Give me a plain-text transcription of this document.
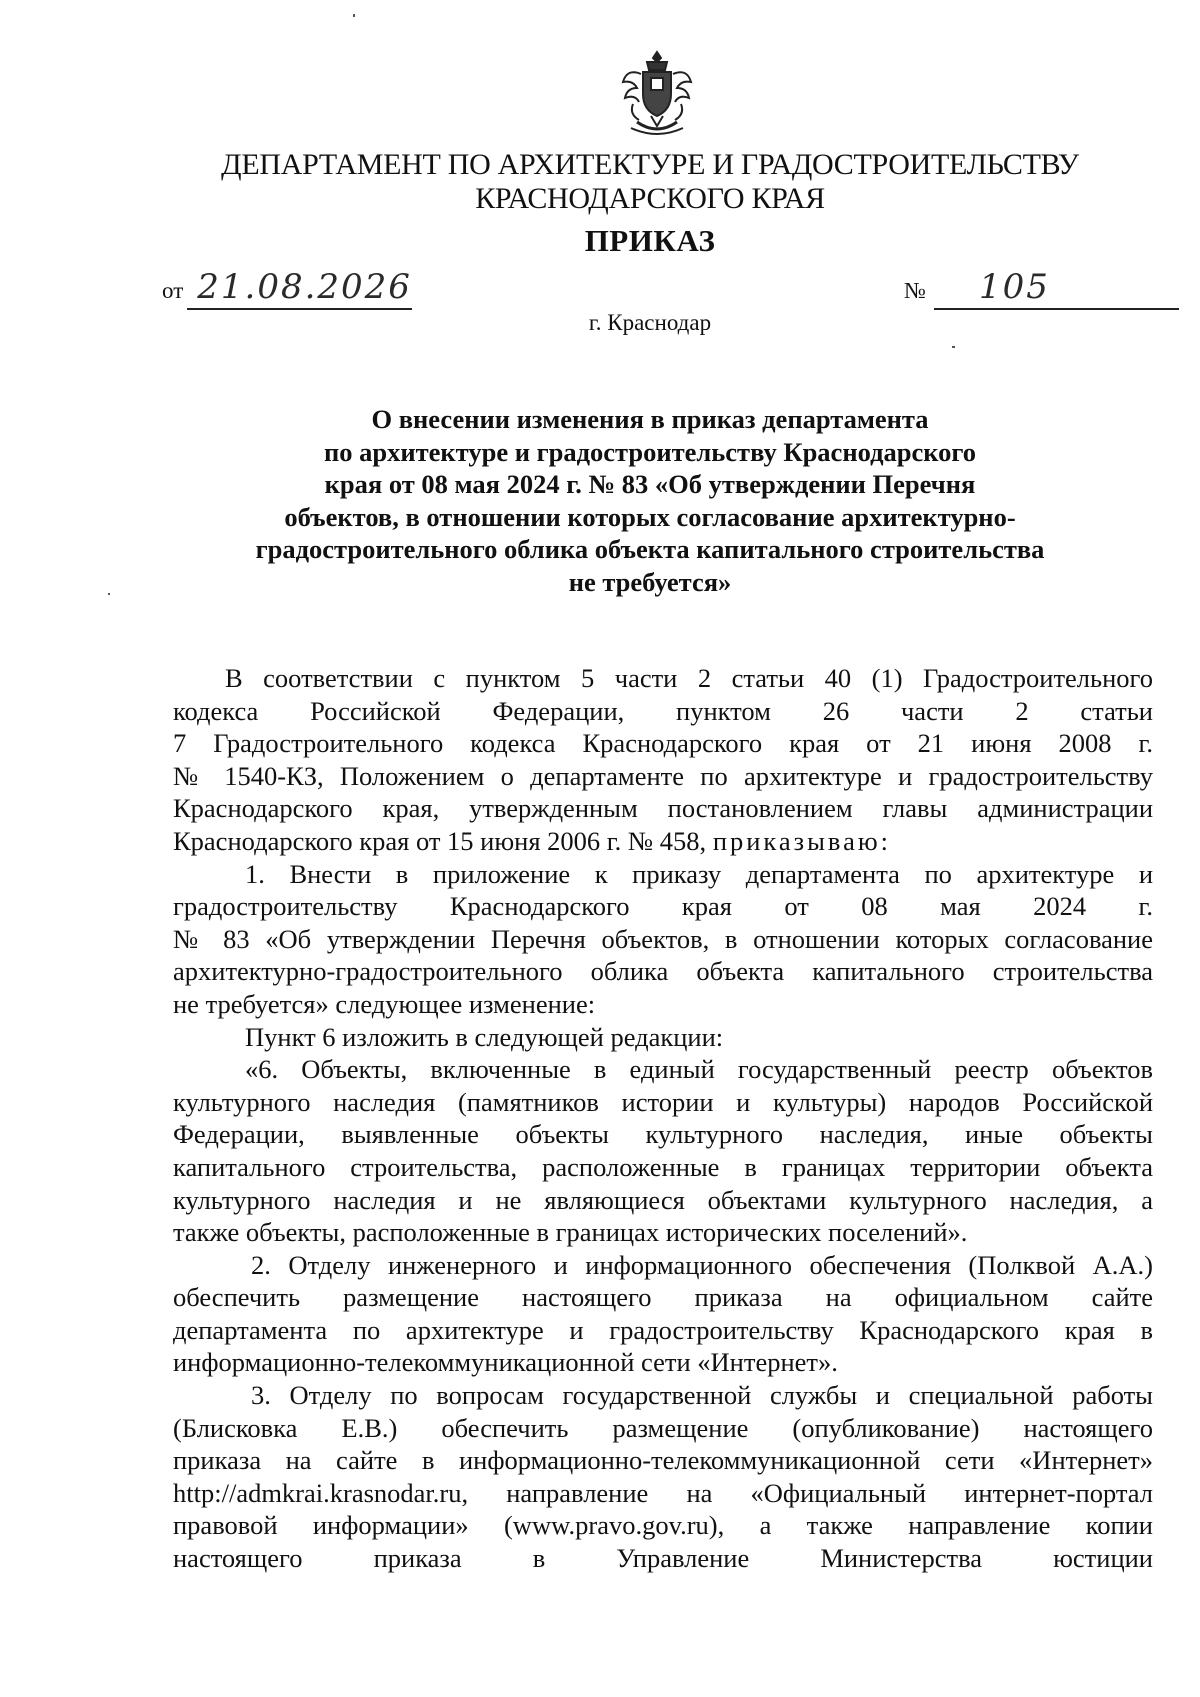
ДЕПАРТАМЕНТ ПО АРХИТЕКТУРЕ И ГРАДОСТРОИТЕЛЬСТВУ
КРАСНОДАРСКОГО КРАЯ
ПРИКАЗ
от 21.08.2026	№ 105
г. Краснодар
О внесении изменения в приказ департамента
по архитектуре и градостроительству Краснодарского
края от 08 мая 2024 г. № 83 «Об утверждении Перечня
объектов, в отношении которых согласование архитектурно-
градостроительного облика объекта капитального строительства
не требуется»
В соответствии с пунктом 5 части 2 статьи 40 (1) Градостроительного
кодекса Российской Федерации, пунктом 26 части 2 статьи
7 Градостроительного кодекса Краснодарского края от 21 июня 2008 г.
№ 1540-КЗ, Положением о департаменте по архитектуре и градостроительству
Краснодарского края, утвержденным постановлением главы администрации
Краснодарского края от 15 июня 2006 г. № 458, приказываю:
1. Внести в приложение к приказу департамента по архитектуре и
градостроительству Краснодарского края от 08 мая 2024 г.
№ 83 «Об утверждении Перечня объектов, в отношении которых согласование
архитектурно-градостроительного облика объекта капитального строительства
не требуется» следующее изменение:
Пункт 6 изложить в следующей редакции:
«6. Объекты, включенные в единый государственный реестр объектов
культурного наследия (памятников истории и культуры) народов Российской
Федерации, выявленные объекты культурного наследия, иные объекты
капитального строительства, расположенные в границах территории объекта
культурного наследия и не являющиеся объектами культурного наследия, а
также объекты, расположенные в границах исторических поселений».
2. Отделу инженерного и информационного обеспечения (Полквой А.А.)
обеспечить размещение настоящего приказа на официальном сайте
департамента по архитектуре и градостроительству Краснодарского края в
информационно-телекоммуникационной сети «Интернет».
3. Отделу по вопросам государственной службы и специальной работы
(Блисковка Е.В.) обеспечить размещение (опубликование) настоящего
приказа на сайте в информационно-телекоммуникационной сети «Интернет»
http://admkrai.krasnodar.ru, направление на «Официальный интернет-портал
правовой информации» (www.pravo.gov.ru), а также направление копии
настоящего приказа в Управление Министерства юстиции
